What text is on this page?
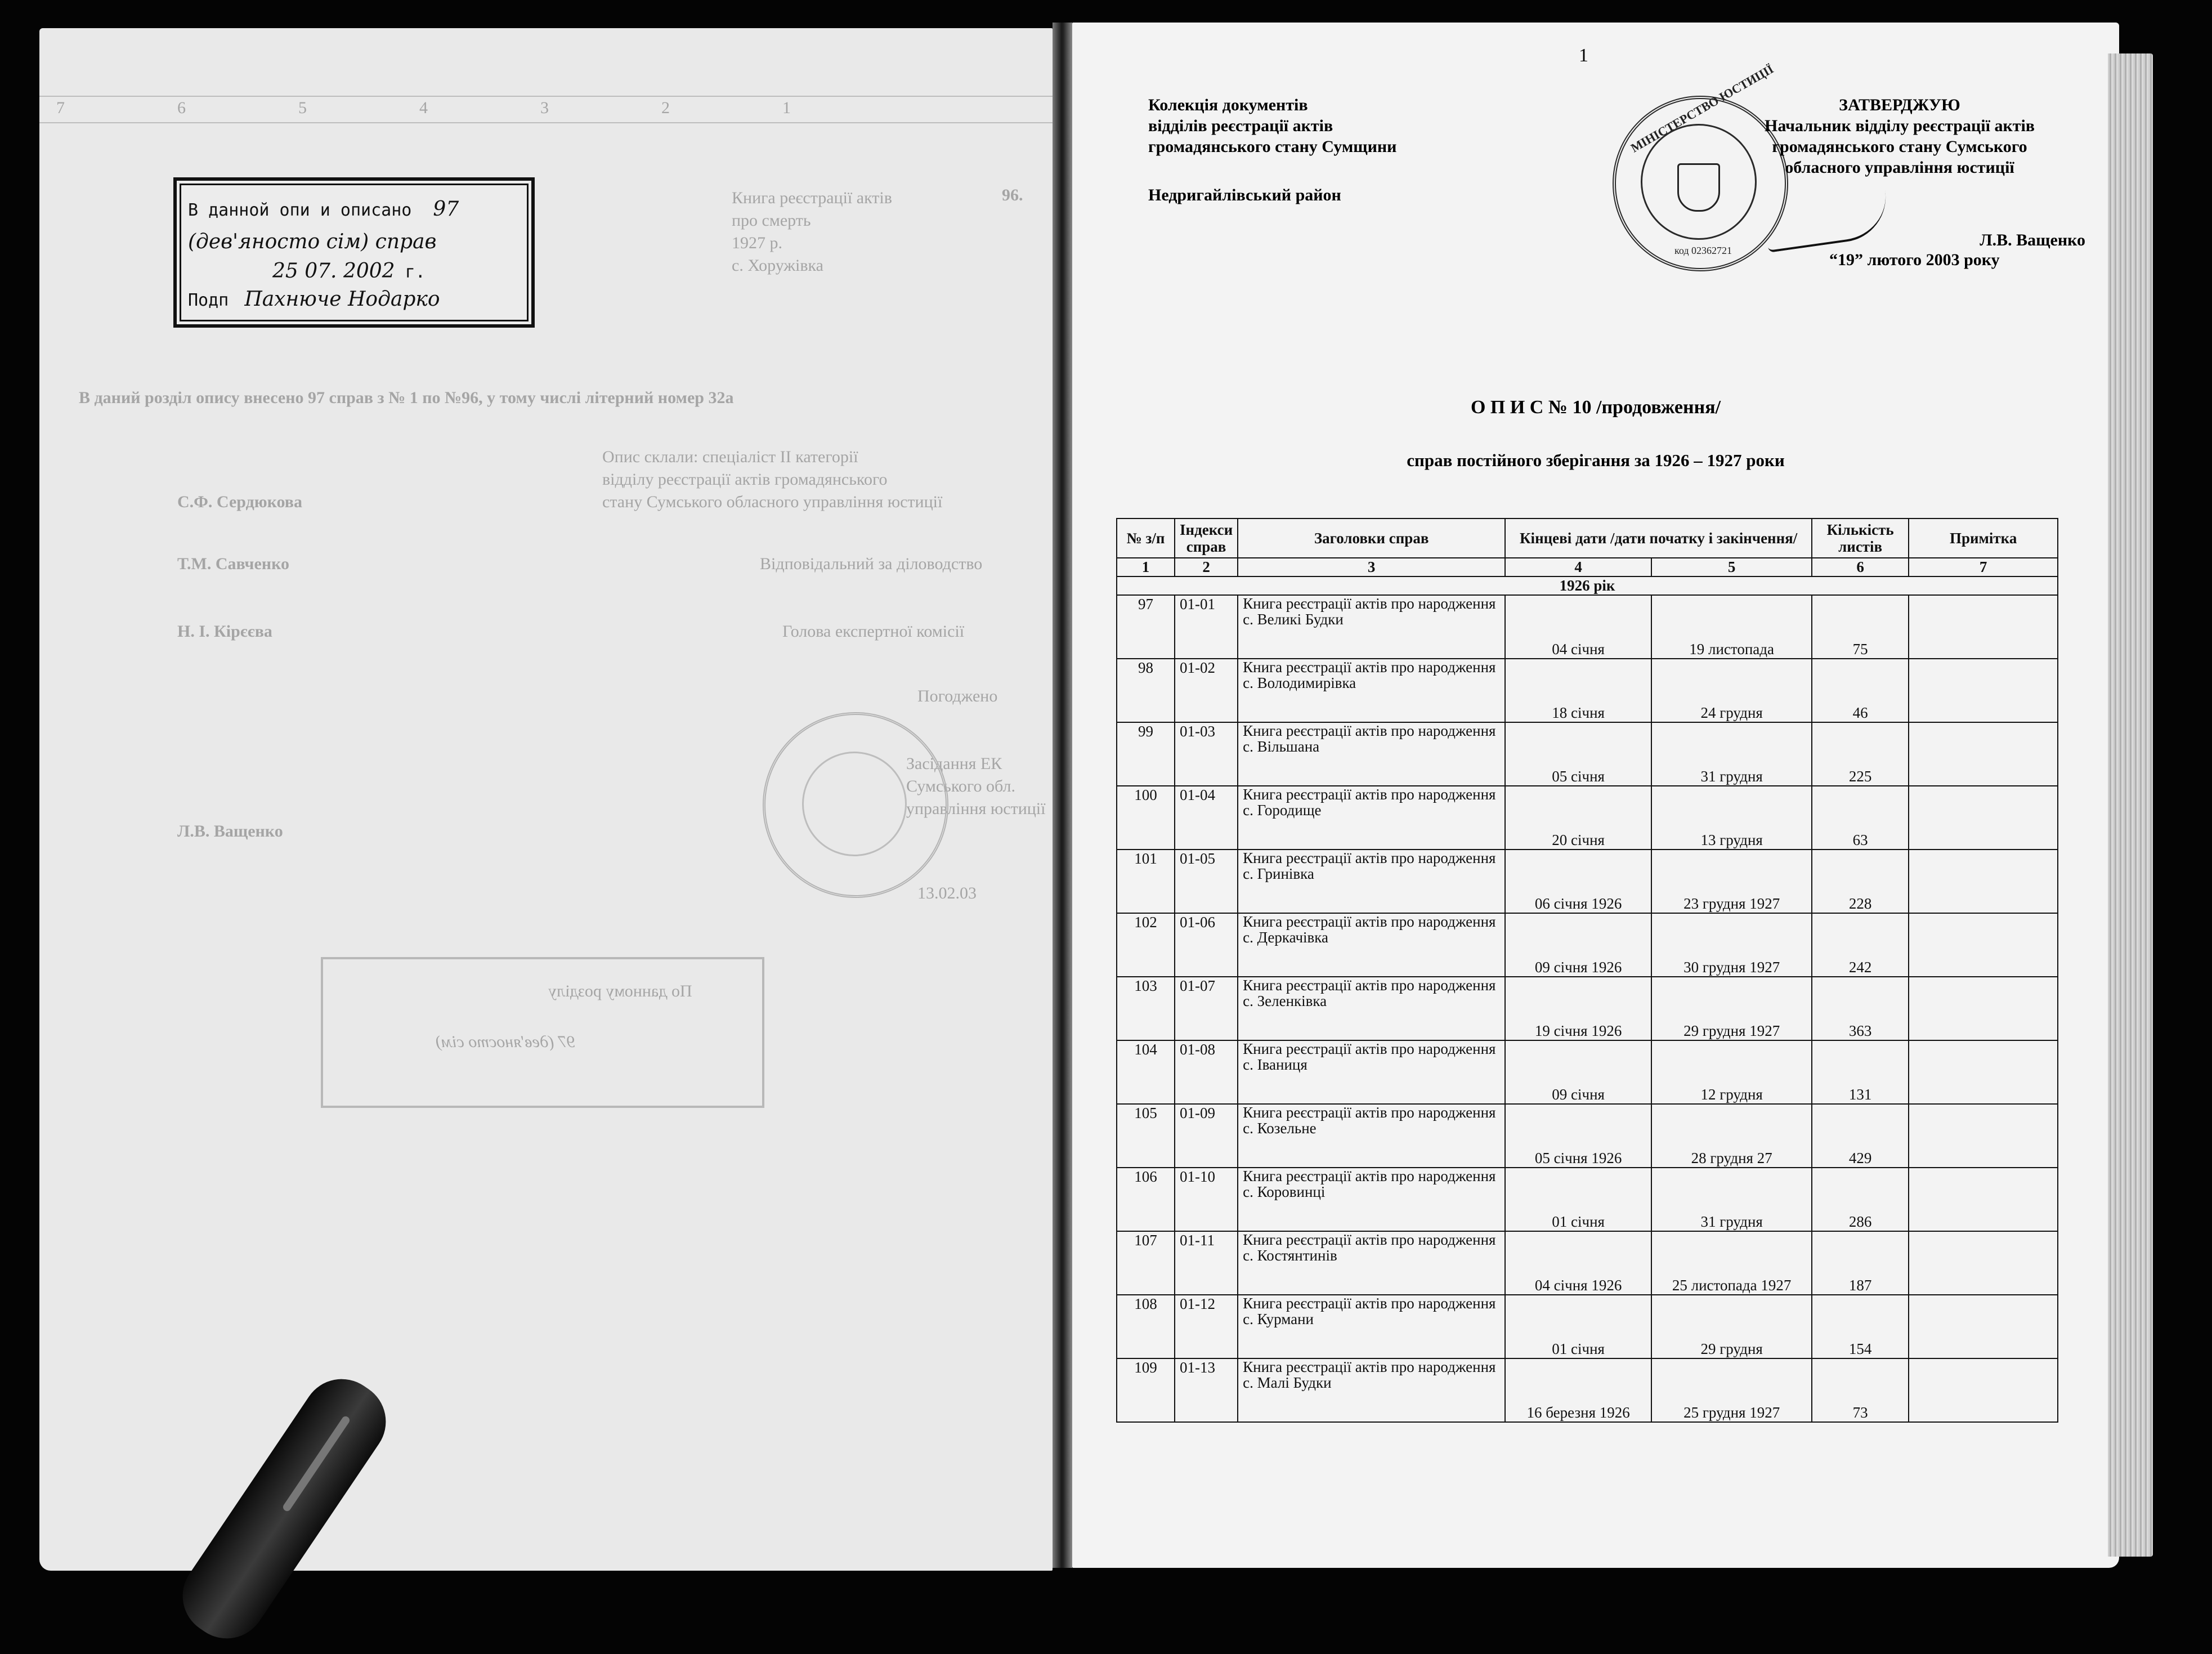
7654321
96.
Книга реєстрації актів
про смерть
1927 р.
с. Хоружівка
В даний розділ опису внесено 97 справ з № 1 по №96, у тому числі літерний номер 32а
Опис склали: спеціаліст II категорії
відділу реєстрації актів громадянського
стану Сумського обласного управління юстиції
С.Ф. Сердюкова
Відповідальний за діловодство
Т.М. Савченко
Голова експертної комісії
Н. І. Кірєєва
Погоджено
Засідання ЕК
Сумського обл.
управління юстиції
Л.В. Ващенко
13.02.03
По данному розділу
97 (дев'яносто сім)
В данной опи и описано 97
(дев'яносто сім) справ
25 07. 2002 г.
Подп Пахнюче Нодарко
1
Колекція документів
відділів реєстрації актів
громадянського стану Сумщини
Недригайлівський район
МІНІСТЕРСТВО ЮСТИЦІЇ
код 02362721
ЗАТВЕРДЖУЮ
Начальник відділу реєстрації актів
громадянського стану Сумського
обласного управління юстиції
Л.В. Ващенко
“19” лютого 2003 року
О П И С № 10 /продовження/
справ постійного зберігання за 1926 – 1927 роки
№ з/п	Індекси справ	Заголовки справ	Кінцеві дати /дати початку і закінчення/		Кількість листів	Примітка
1	2	3	4	5	6	7
1926 рік						
97	01-01	Книга реєстрації актів про народження
с. Великі Будки	04 січня	19 листопада	75	
98	01-02	Книга реєстрації актів про народження
с. Володимирівка	18 січня	24 грудня	46	
99	01-03	Книга реєстрації актів про народження
с. Вільшана	05 січня	31 грудня	225	
100	01-04	Книга реєстрації актів про народження
с. Городище	20 січня	13 грудня	63	
101	01-05	Книга реєстрації актів про народження
с. Гринівка	06 січня 1926	23 грудня 1927	228	
102	01-06	Книга реєстрації актів про народження
с. Деркачівка	09 січня 1926	30 грудня 1927	242	
103	01-07	Книга реєстрації актів про народження
с. Зеленківка	19 січня 1926	29 грудня 1927	363	
104	01-08	Книга реєстрації актів про народження
с. Іваниця	09 січня	12 грудня	131	
105	01-09	Книга реєстрації актів про народження
с. Козельне	05 січня 1926	28 грудня 27	429	
106	01-10	Книга реєстрації актів про народження
с. Коровинці	01 січня	31 грудня	286	
107	01-11	Книга реєстрації актів про народження
с. Костянтинів	04 січня 1926	25 листопада 1927	187	
108	01-12	Книга реєстрації актів про народження
с. Курмани	01 січня	29 грудня	154	
109	01-13	Книга реєстрації актів про народження
с. Малі Будки	16 березня 1926	25 грудня 1927	73	
